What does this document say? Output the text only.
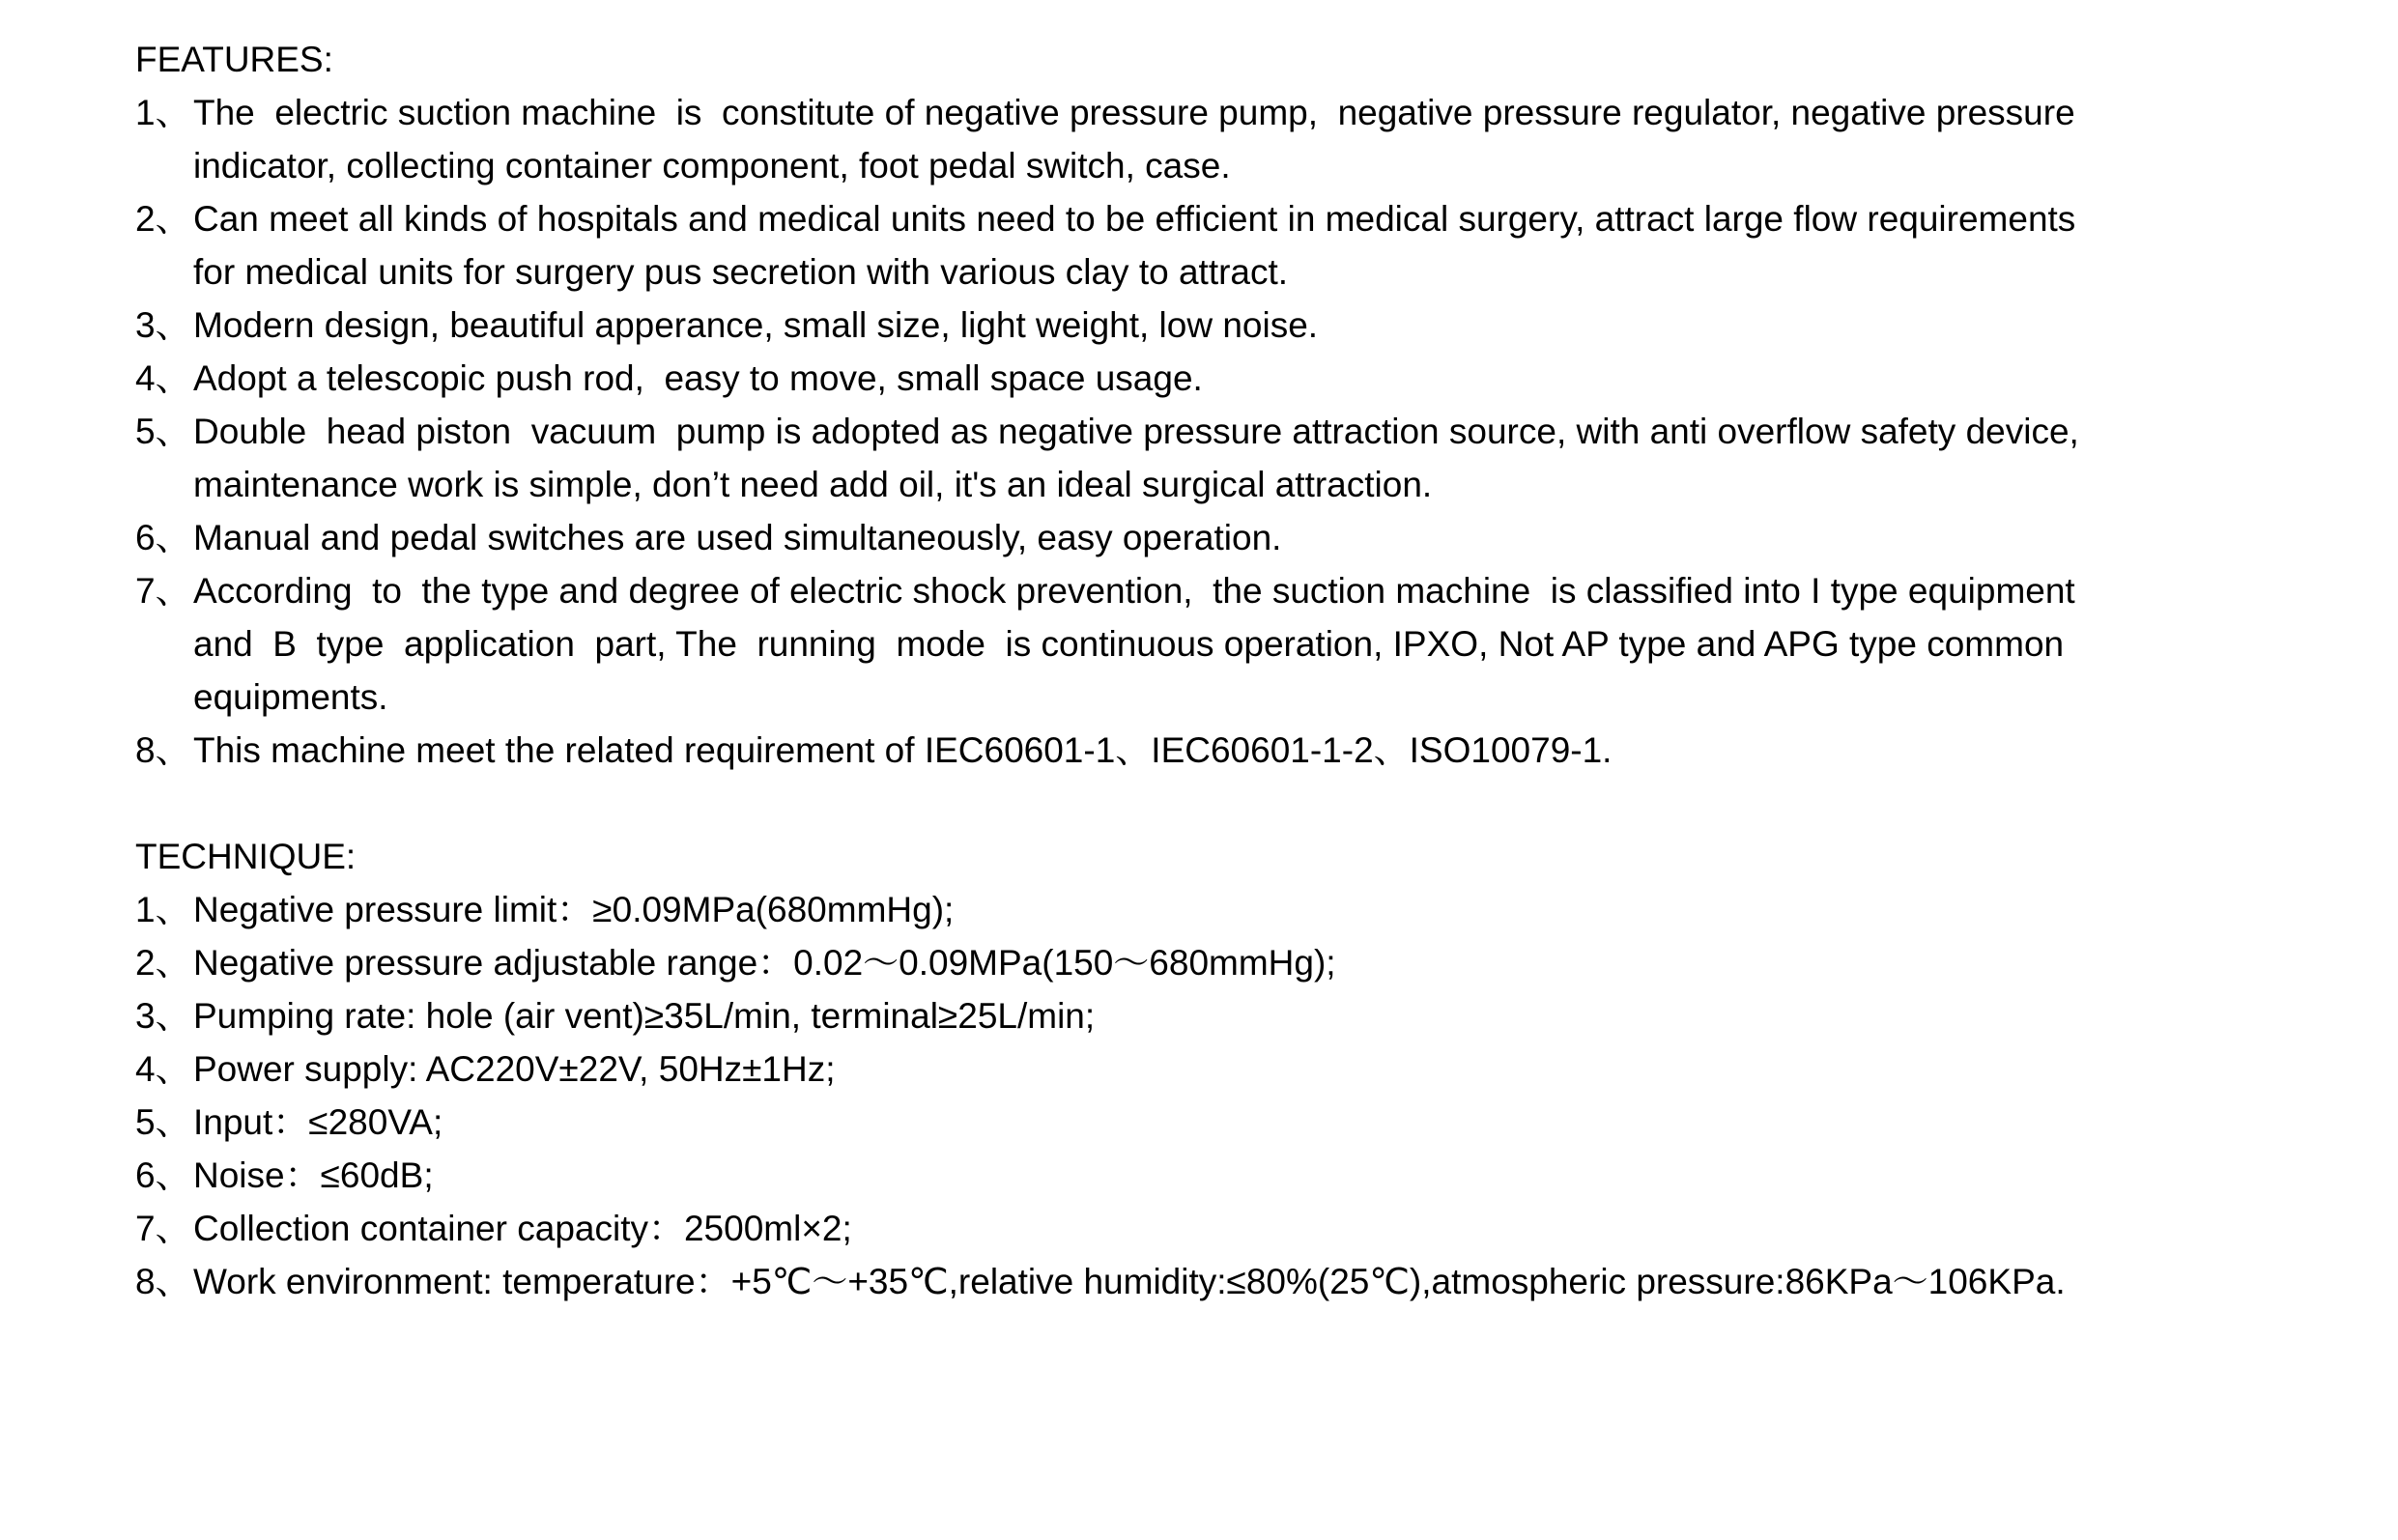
FEATURES:
1、 The  electric suction machine  is  constitute of negative pressure pump,  negative pressure regulator, negative pressure
indicator, collecting container component, foot pedal switch, case.
2、 Can meet all kinds of hospitals and medical units need to be efficient in medical surgery, attract large flow requirements
for medical units for surgery pus secretion with various clay to attract.
3、 Modern design, beautiful apperance, small size, light weight, low noise.
4、 Adopt a telescopic push rod,  easy to move, small space usage.
5、 Double  head piston  vacuum  pump is adopted as negative pressure attraction source, with anti overflow safety device,
maintenance work is simple, don’t need add oil, it's an ideal surgical attraction.
6、 Manual and pedal switches are used simultaneously, easy operation.
7、 According  to  the type and degree of electric shock prevention,  the suction machine  is classified into I type equipment
and  B  type  application  part, The  running  mode  is continuous operation, IPXO, Not AP type and APG type common
equipments.
8、 This machine meet the related requirement of IEC60601-1、IEC60601-1-2、ISO10079-1.
TECHNIQUE:
1、 Negative pressure limit：≥0.09MPa(680mmHg);
2、 Negative pressure adjustable range：0.02～0.09MPa(150～680mmHg);
3、 Pumping rate: hole (air vent)≥35L/min, terminal≥25L/min;
4、 Power supply: AC220V±22V, 50Hz±1Hz;
5、 Input：≤280VA;
6、 Noise：≤60dB;
7、 Collection container capacity：2500ml×2;
8、 Work environment: temperature：+5℃～+35℃,relative humidity:≤80%(25℃),atmospheric pressure:86KPa～106KPa.
